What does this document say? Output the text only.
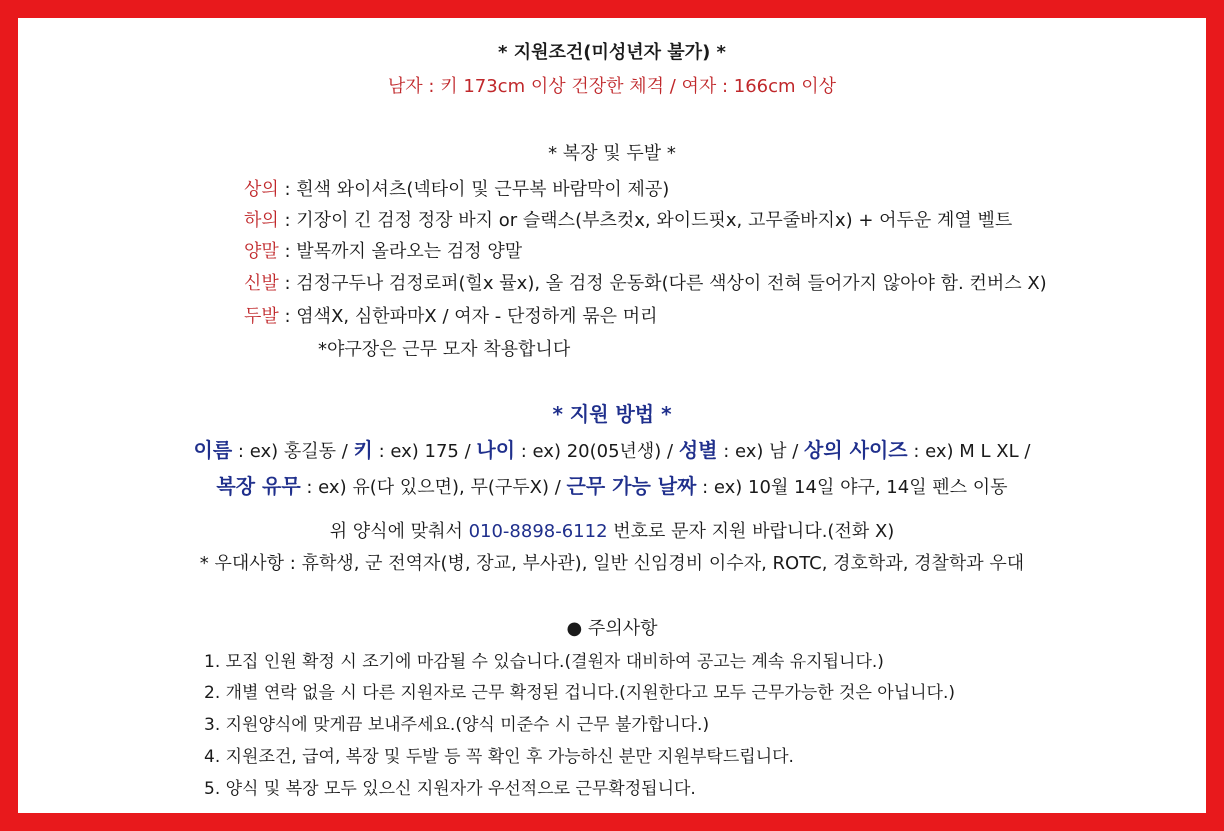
* 지원조건(미성년자 불가) *
남자 : 키 173cm 이상 건장한 체격 / 여자 : 166cm 이상
* 복장 및 두발 *
상의 : 흰색 와이셔츠(넥타이 및 근무복 바람막이 제공)
하의 : 기장이 긴 검정 정장 바지 or 슬랙스(부츠컷x, 와이드핏x, 고무줄바지x) + 어두운 계열 벨트
양말 : 발목까지 올라오는 검정 양말
신발 : 검정구두나 검정로퍼(힐x 뮬x), 올 검정 운동화(다른 색상이 전혀 들어가지 않아야 함. 컨버스 X)
두발 : 염색X, 심한파마X / 여자 - 단정하게 묶은 머리
*야구장은 근무 모자 착용합니다
* 지원 방법 *
이름 : ex) 홍길동 / 키 : ex) 175 / 나이 : ex) 20(05년생) / 성별 : ex) 남 / 상의 사이즈 : ex) M L XL /
복장 유무 : ex) 유(다 있으면), 무(구두X) / 근무 가능 날짜 : ex) 10월 14일 야구, 14일 펜스 이동
위 양식에 맞춰서 010-8898-6112 번호로 문자 지원 바랍니다.(전화 X)
* 우대사항 : 휴학생, 군 전역자(병, 장교, 부사관), 일반 신임경비 이수자, ROTC, 경호학과, 경찰학과 우대
● 주의사항
1. 모집 인원 확정 시 조기에 마감될 수 있습니다.(결원자 대비하여 공고는 계속 유지됩니다.)
2. 개별 연락 없을 시 다른 지원자로 근무 확정된 겁니다.(지원한다고 모두 근무가능한 것은 아닙니다.)
3. 지원양식에 맞게끔 보내주세요.(양식 미준수 시 근무 불가합니다.)
4. 지원조건, 급여, 복장 및 두발 등 꼭 확인 후 가능하신 분만 지원부탁드립니다.
5. 양식 및 복장 모두 있으신 지원자가 우선적으로 근무확정됩니다.
